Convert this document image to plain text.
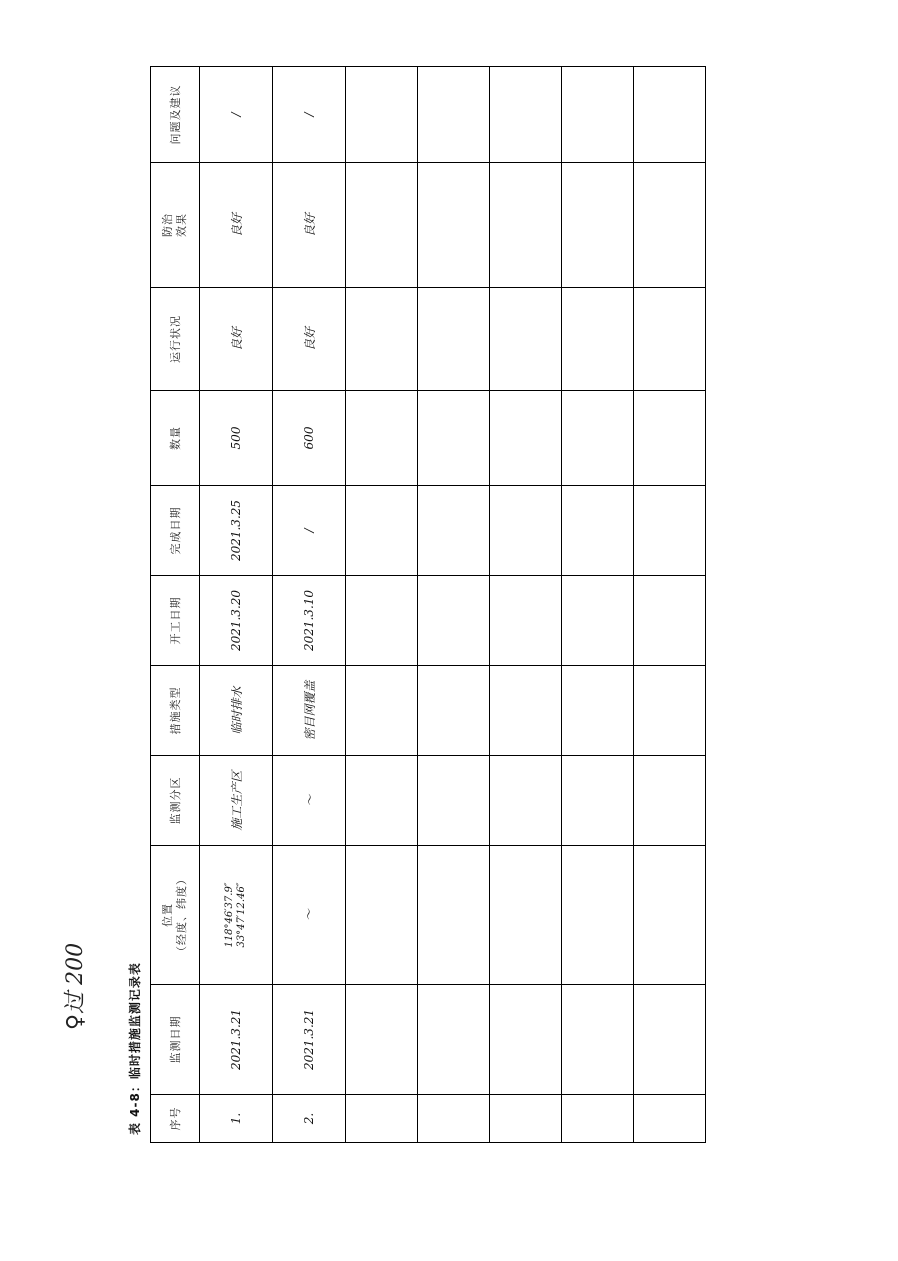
♀过 200	表 4-8：临时措施监测记录表	序号	监测日期	位置 （经度、纬度）	监测分区	措施类型	开工日期	完成日期	数量	运行状况	防治 效果	问题及建议
1.	2021.3.21	118°46′37.9″ 33°47′12.46″	施工生产区	临时排水	2021.3.20	2021.3.25	500	良好	良好	/
2.	2021.3.21	〜	〜	密目网覆盖	2021.3.10	/	600	良好	良好	/
